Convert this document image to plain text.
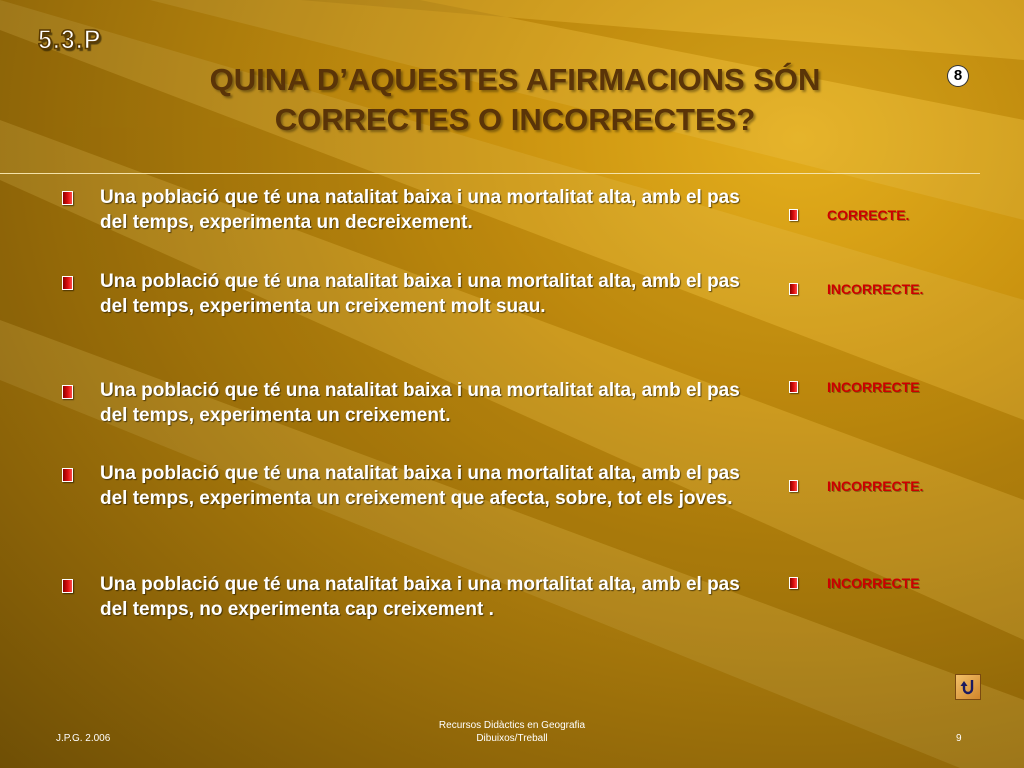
5.3.P
QUINA D’AQUESTES AFIRMACIONS SÓN CORRECTES O INCORRECTES?
8
Una població que té una natalitat baixa i una mortalitat alta, amb el pas del temps, experimenta un decreixement.
Una població que té una natalitat baixa i una mortalitat alta, amb el pas del temps, experimenta un creixement molt suau.
Una població que té una natalitat baixa i una mortalitat alta, amb el pas del temps, experimenta un creixement.
Una població que té una natalitat baixa i una mortalitat alta, amb el pas del temps, experimenta un creixement que afecta, sobre, tot els joves.
Una població que té una natalitat baixa i una mortalitat alta, amb el pas del temps, no experimenta cap creixement .
CORRECTE.
INCORRECTE.
INCORRECTE
INCORRECTE.
INCORRECTE
J.P.G. 2.006
Recursos Didàctics en Geografia
Dibuixos/Treball	9
